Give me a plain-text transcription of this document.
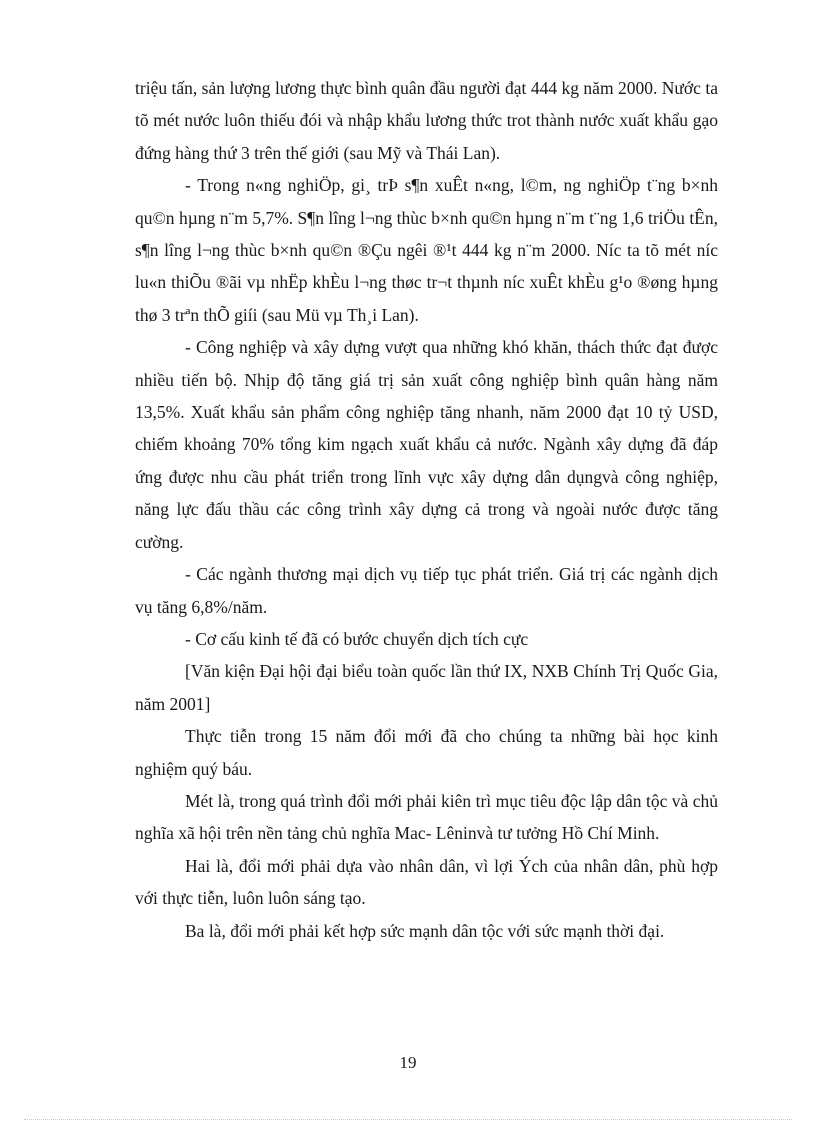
triệu tấn, sản lượng lương thực bình quân đầu người đạt 444 kg năm 2000. Nước ta tõ mét nước luôn thiếu đói và nhập khẩu lương thức trot thành nước xuất khẩu gạo đứng hàng thứ 3 trên thế giới (sau Mỹ và Thái Lan).

- Trong n«ng nghiÖp, gi¸ trÞ s¶n xuÊt n«ng, l©m, ng nghiÖp t¨ng b×nh qu©n hµng n¨m 5,7%. S¶n lîng l¬ng thùc b×nh qu©n hµng n¨m t¨ng 1,6 triÖu tÊn, s¶n lîng l¬ng thùc b×nh qu©n ®Çu ngêi ®¹t 444 kg n¨m 2000. Níc ta tõ mét níc lu«n thiÕu ®ãi vµ nhËp khÈu l¬ng thøc tr¬t thµnh níc xuÊt khÈu g¹o ®øng hµng thø 3 trªn thÕ giíi (sau Mü vµ Th¸i Lan).

- Công nghiệp và xây dựng vượt qua những khó khăn, thách thức đạt được nhiều tiến bộ. Nhịp độ tăng giá trị sản xuất công nghiệp bình quân hàng năm 13,5%. Xuất khẩu sản phẩm công nghiệp tăng nhanh, năm 2000 đạt 10 tỷ USD, chiếm khoảng 70% tổng kim ngạch xuất khẩu cả nước. Ngành xây dựng đã đáp ứng được nhu cầu phát triển trong lĩnh vực xây dựng dân dụngvà công nghiệp, năng lực đấu thầu các công trình xây dựng cả trong và ngoài nước được tăng cường.

- Các ngành thương mại dịch vụ tiếp tục phát triển. Giá trị các ngành dịch vụ tăng 6,8%/năm.

- Cơ cấu kinh tế đã có bước chuyển dịch tích cực

[Văn kiện Đại hội đại biểu toàn quốc lần thứ IX, NXB Chính Trị Quốc Gia, năm 2001]

Thực tiễn trong 15 năm đổi mới đã cho chúng ta những bài học kinh nghiệm quý báu.

Mét là, trong quá trình đổi mới phải kiên trì mục tiêu độc lập dân tộc và chủ nghĩa xã hội trên nền tảng chủ nghĩa Mac- Lêninvà tư tưởng Hồ Chí Minh.

Hai là, đổi mới phải dựa vào nhân dân, vì lợi Ých của nhân dân, phù hợp với thực tiễn, luôn luôn sáng tạo.

Ba là, đổi mới phải kết hợp sức mạnh dân tộc với sức mạnh thời đại.

19
